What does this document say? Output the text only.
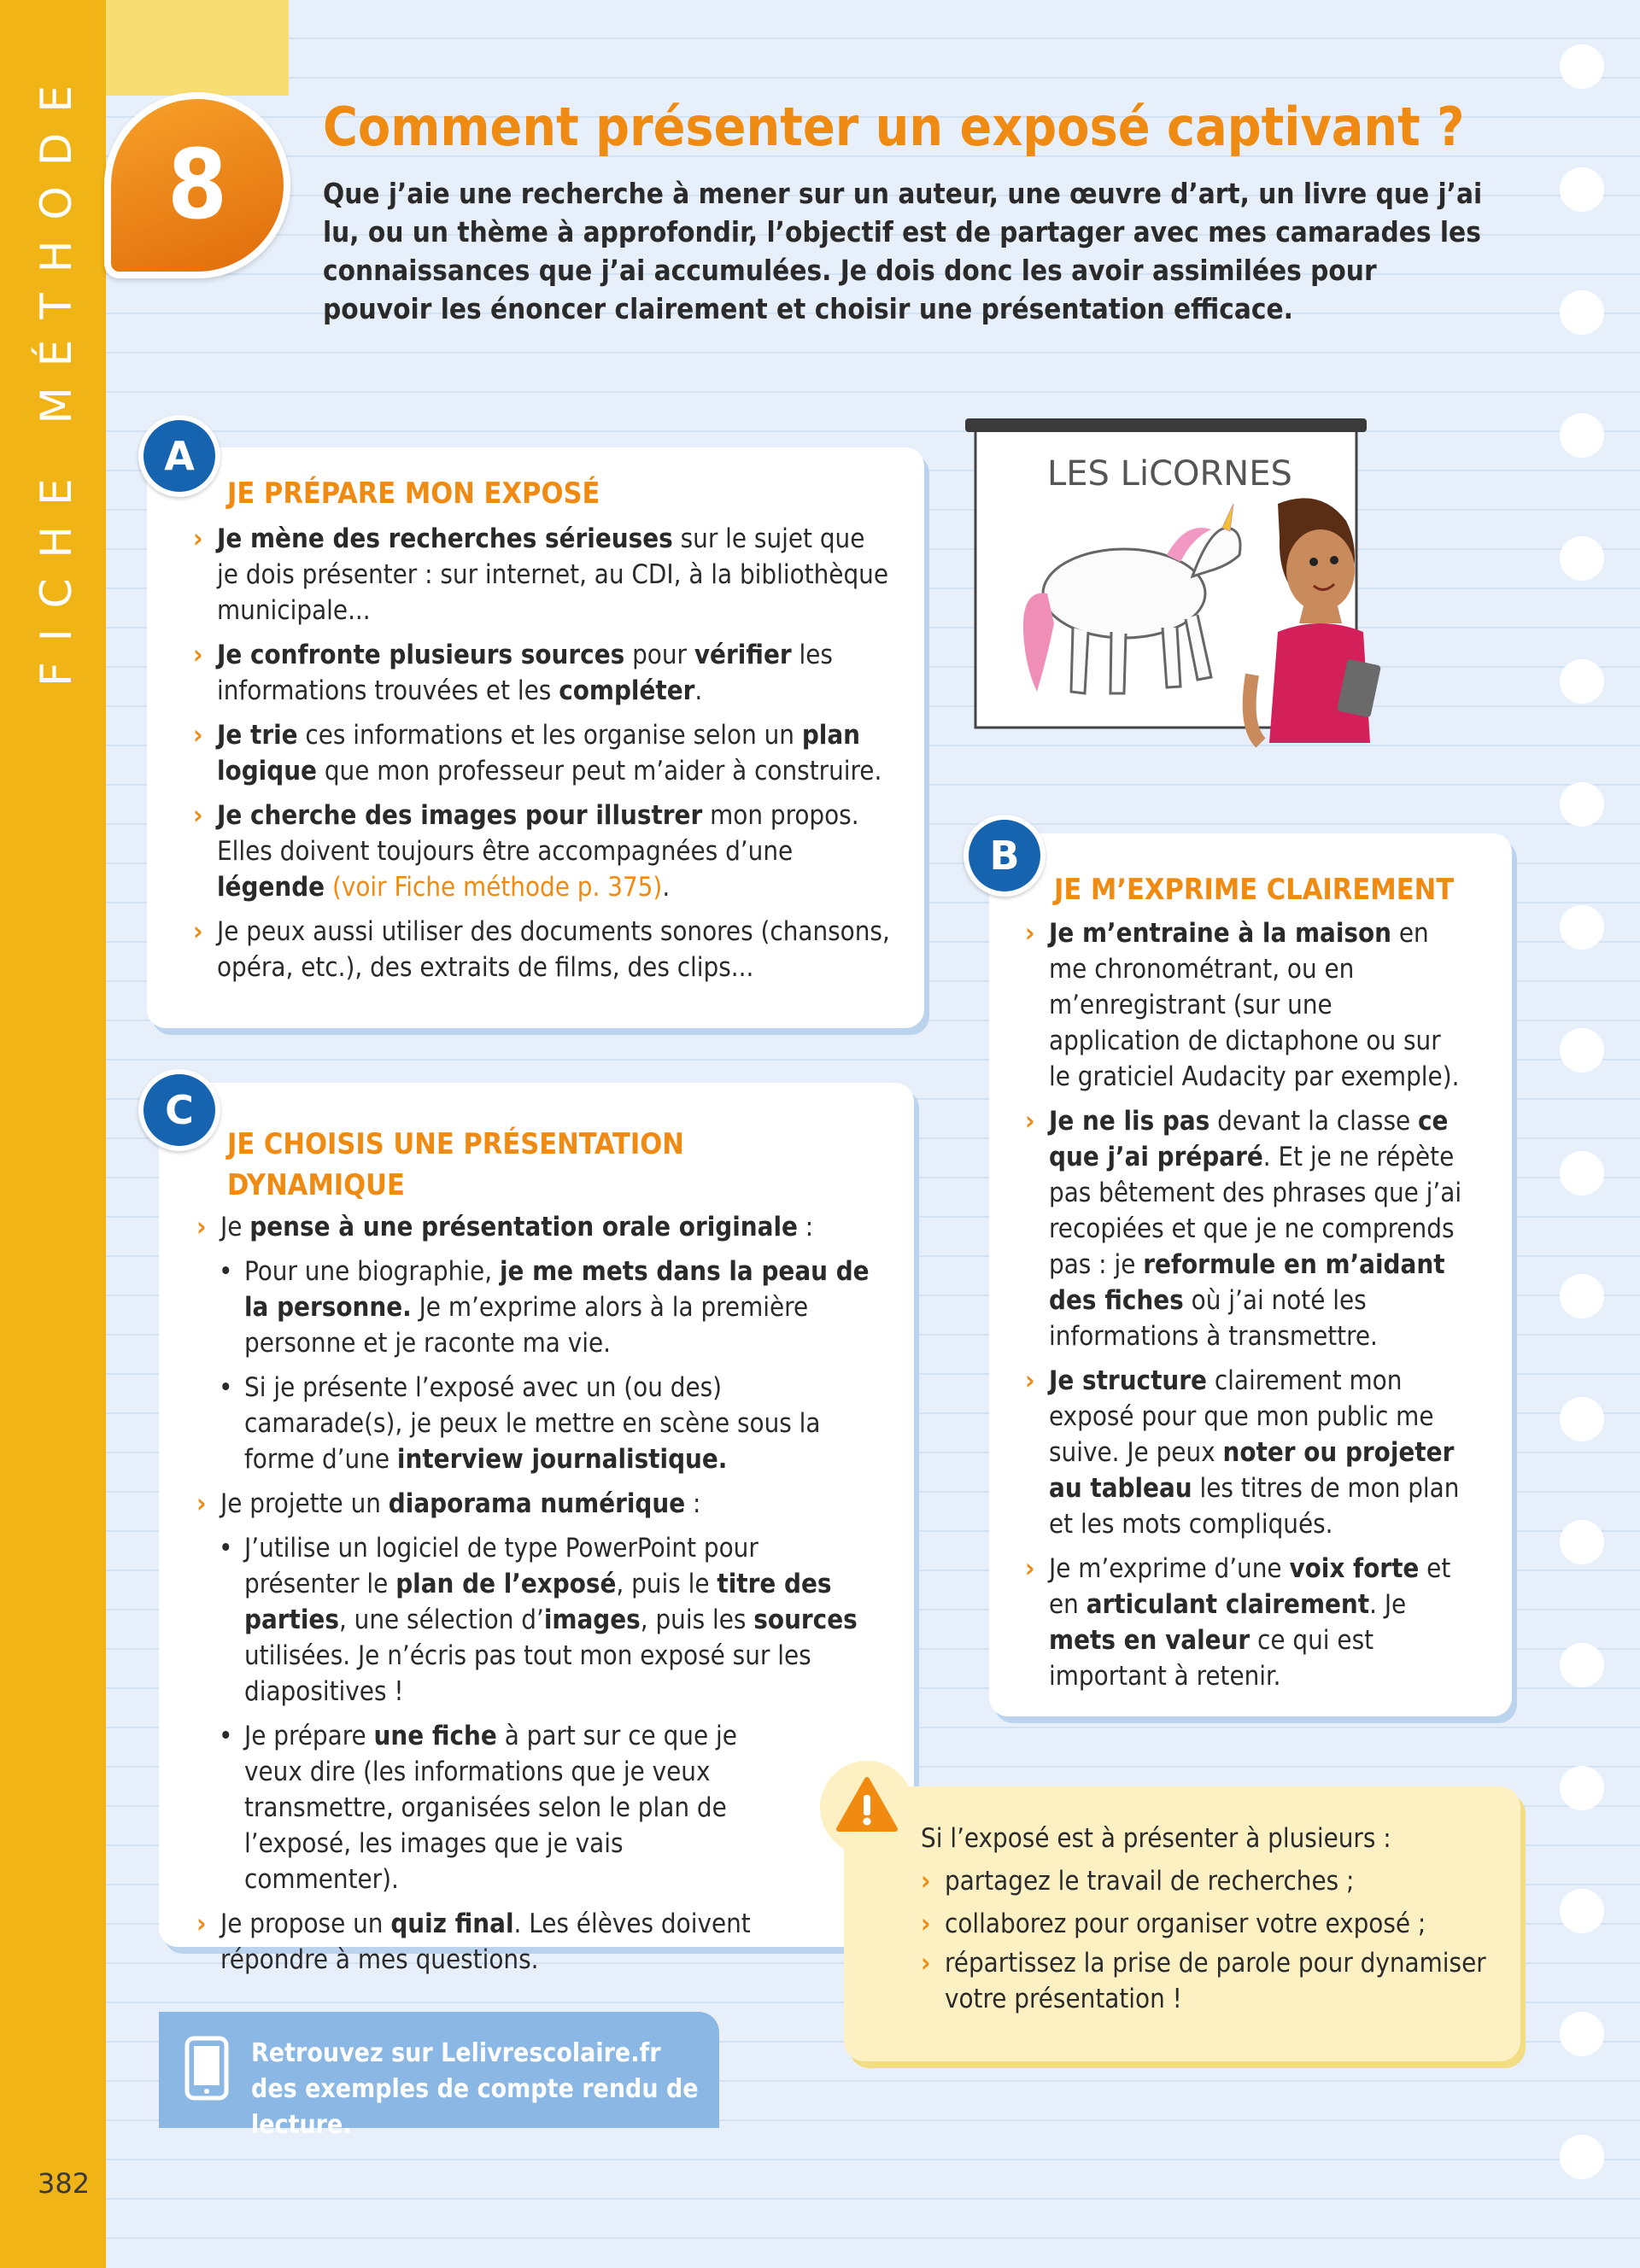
FICHE MÉTHODE
382
8
Comment présenter un exposé captivant ?

Que j’aie une recherche à mener sur un auteur, une œuvre d’art, un livre que j’ai lu, ou un thème à approfondir, l’objectif est de partager avec mes camarades les connaissances que j’ai accumulées. Je dois donc les avoir assimilées pour pouvoir les énoncer clairement et choisir une présentation efficace.

A
JE PRÉPARE MON EXPOSÉ

› Je mène des recherches sérieuses sur le sujet que je dois présenter : sur internet, au CDI, à la bibliothèque municipale...

› Je confronte plusieurs sources pour vérifier les informations trouvées et les compléter.

› Je trie ces informations et les organise selon un plan logique que mon professeur peut m’aider à construire.

› Je cherche des images pour illustrer mon propos. Elles doivent toujours être accompagnées d’une légende (voir Fiche méthode p. 375).

› Je peux aussi utiliser des documents sonores (chansons, opéra, etc.), des extraits de films, des clips...

LES LiCORNES
B
JE M’EXPRIME CLAIREMENT

› Je m’entraine à la maison en me chronométrant, ou en m’enregistrant (sur une application de dictaphone ou sur le graticiel Audacity par exemple).

› Je ne lis pas devant la classe ce que j’ai préparé. Et je ne répète pas bêtement des phrases que j’ai recopiées et que je ne comprends pas : je reformule en m’aidant des fiches où j’ai noté les informations à transmettre.

› Je structure clairement mon exposé pour que mon public me suive. Je peux noter ou projeter au tableau les titres de mon plan et les mots compliqués.

› Je m’exprime d’une voix forte et en articulant clairement. Je mets en valeur ce qui est important à retenir.

C
JE CHOISIS UNE PRÉSENTATION DYNAMIQUE

› Je pense à une présentation orale originale :

• Pour une biographie, je me mets dans la peau de la personne. Je m’exprime alors à la première personne et je raconte ma vie.

• Si je présente l’exposé avec un (ou des) camarade(s), je peux le mettre en scène sous la forme d’une interview journalistique.

› Je projette un diaporama numérique :

• J’utilise un logiciel de type PowerPoint pour présenter le plan de l’exposé, puis le titre des parties, une sélection d’images, puis les sources utilisées. Je n’écris pas tout mon exposé sur les diapositives !

• Je prépare une fiche à part sur ce que je veux dire (les informations que je veux transmettre, organisées selon le plan de l’exposé, les images que je vais commenter).

› Je propose un quiz final. Les élèves doivent répondre à mes questions.

Si l’exposé est à présenter à plusieurs :
› partagez le travail de recherches ;
› collaborez pour organiser votre exposé ;
› répartissez la prise de parole pour dynamiser votre présentation !
Retrouvez sur Lelivrescolaire.fr des exemples de compte rendu de lecture.
